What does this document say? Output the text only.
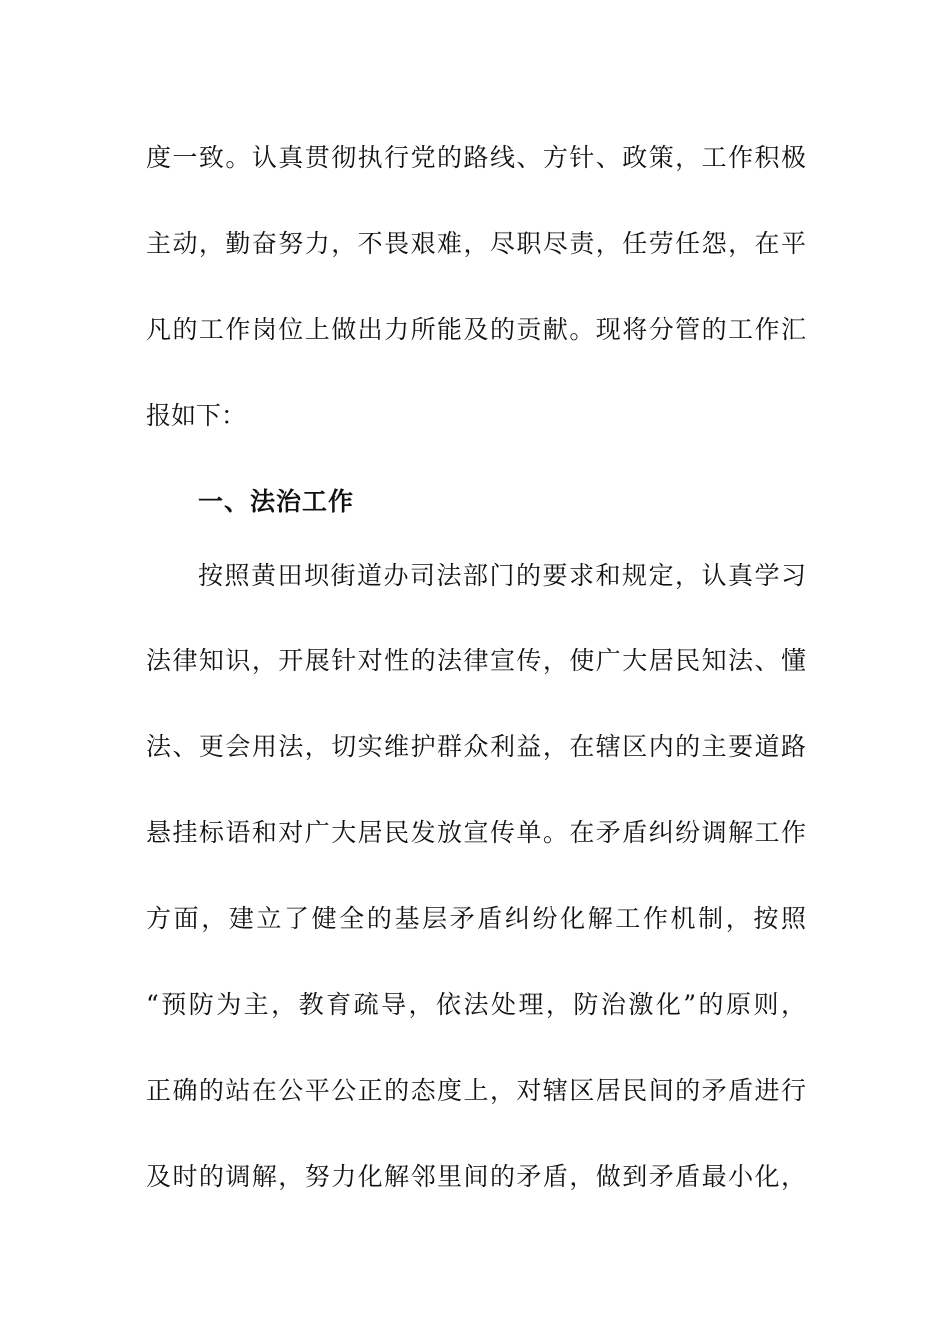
度一致。认真贯彻执行党的路线、方针、政策，工作积极
主动，勤奋努力，不畏艰难，尽职尽责，任劳任怨，在平
凡的工作岗位上做出力所能及的贡献。现将分管的工作汇
报如下：
一、法治工作
按照黄田坝街道办司法部门的要求和规定，认真学习
法律知识，开展针对性的法律宣传，使广大居民知法、懂
法、更会用法，切实维护群众利益，在辖区内的主要道路
悬挂标语和对广大居民发放宣传单。在矛盾纠纷调解工作
方面，建立了健全的基层矛盾纠纷化解工作机制，按照
“预防为主，教育疏导，依法处理，防治激化”的原则，
正确的站在公平公正的态度上，对辖区居民间的矛盾进行
及时的调解，努力化解邻里间的矛盾，做到矛盾最小化，
